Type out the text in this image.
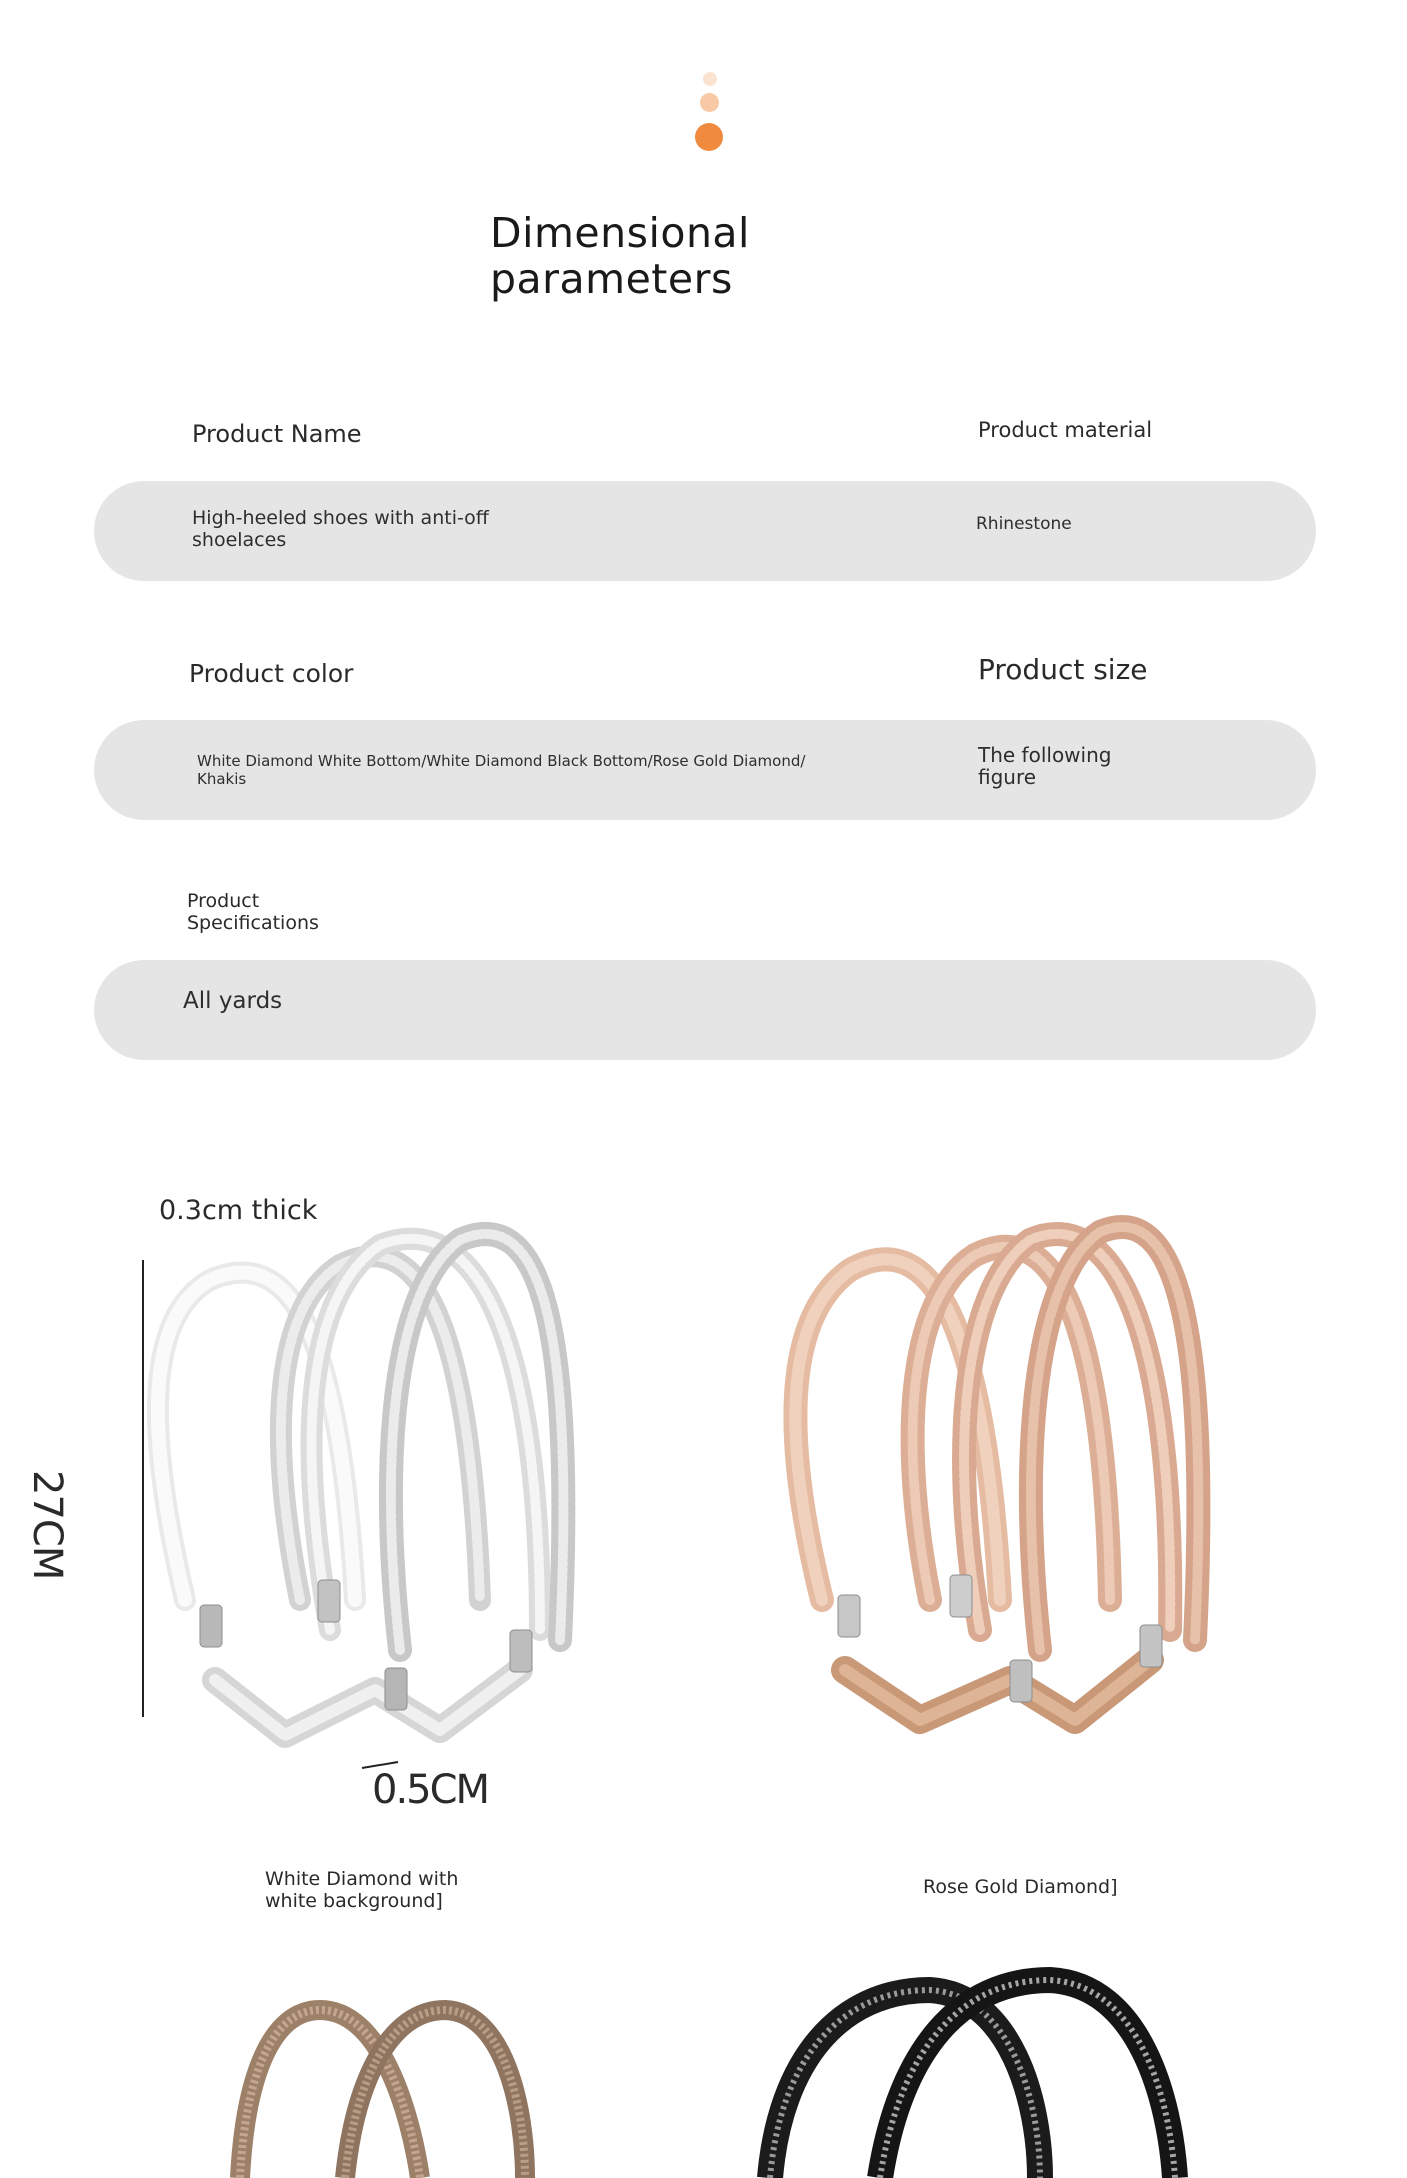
Dimensional
parameters
Product Name	Product material
High-heeled shoes with anti-off
shoelaces
Rhinestone
Product color	Product size
White Diamond White Bottom/White Diamond Black Bottom/Rose Gold Diamond/
Khakis
The following
figure
Product
Specifications
All yards
0.3cm thick
27CM
0.5CM
White Diamond with
white background]
Rose Gold Diamond]
